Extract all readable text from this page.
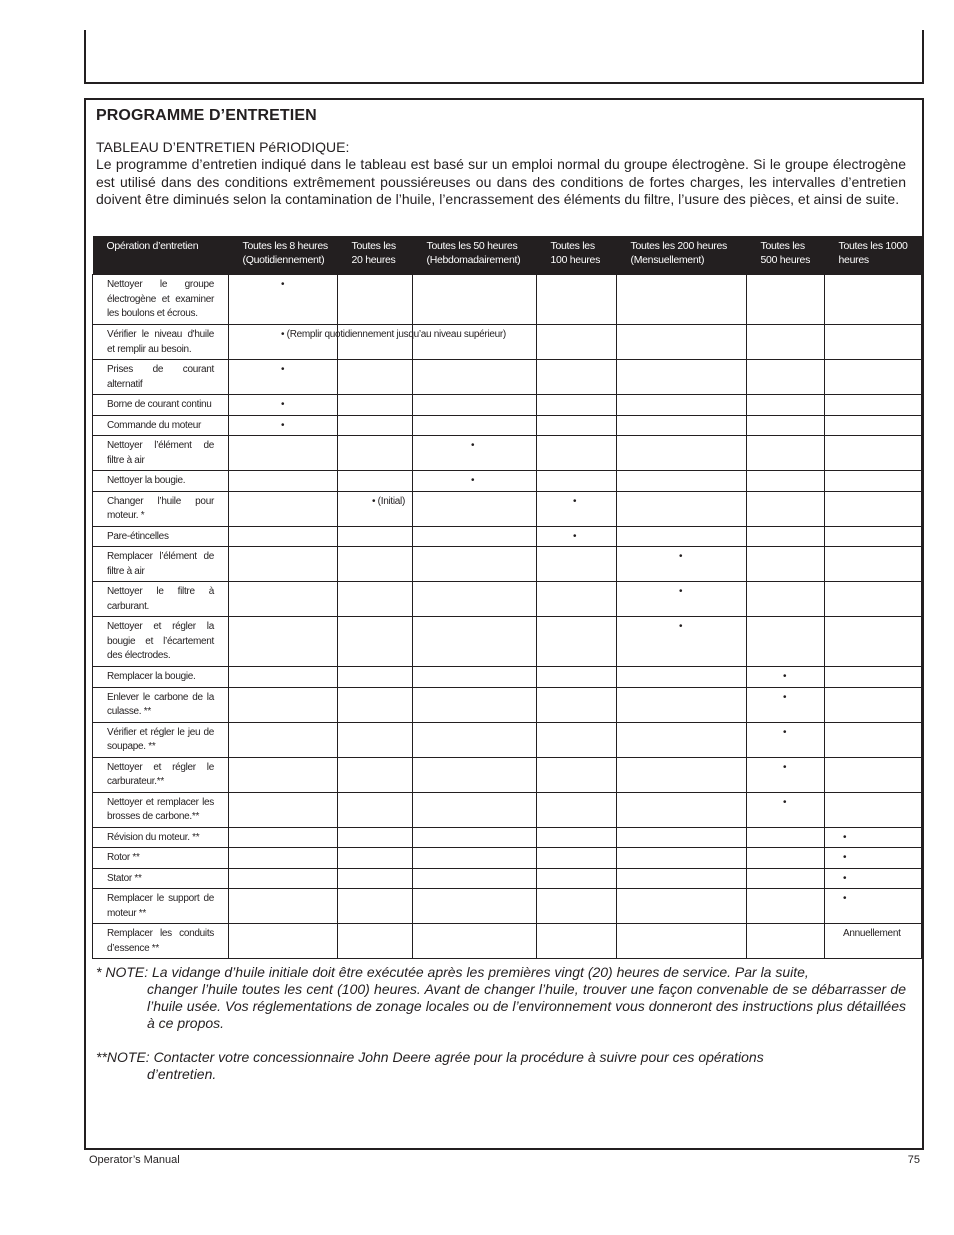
PROGRAMME D’ENTRETIEN
TABLEAU D’ENTRETIEN PéRIODIQUE:
Le programme d’entretien indiqué dans le tableau est basé sur un emploi normal du groupe électrogène. Si le groupe électrogène est utilisé dans des conditions extrêmement poussiéreuses ou dans des conditions de fortes charges, les intervalles d’entretien doivent être diminués selon la contamination de l’huile, l’encrassement des éléments du filtre, l’usure des pièces, et ainsi de suite.
Opération d’entretien	Toutes les 8 heures (Quotidiennement)	Toutes les 20 heures	Toutes les 50 heures (Hebdomadairement)	Toutes les 100 heures	Toutes les 200 heures (Mensuellement)	Toutes les 500 heures	Toutes les 1000 heures
Nettoyer le groupe électrogène et examiner les boulons et écrous.	•						

Vérifier le niveau d'huile et remplir au besoin.	• (Remplir quotidiennement jusqu’au niveau supérieur)						

Prises de courant alternatif	•						

Borne de courant continu	•						

Commande du moteur	•						

Nettoyer l’élément de filtre à air			•				

Nettoyer la bougie.			•				

Changer l’huile pour moteur. *		• (Initial)		•			

Pare-étincelles				•			

Remplacer l’élément de filtre à air					•		

Nettoyer le filtre à carburant.					•		

Nettoyer et régler la bougie et l’écartement des électrodes.					•		

Remplacer la bougie.						•	

Enlever le carbone de la culasse. **						•	

Vérifier et régler le jeu de soupape. **						•	

Nettoyer et régler le carburateur.**						•	

Nettoyer et remplacer les brosses de carbone.**						•	

Révision du moteur. **							•

Rotor **							•

Stator **							•

Remplacer le support de moteur **							•

Remplacer les conduits d’essence **							Annuellement
* NOTE: La vidange d’huile initiale doit être exécutée après les premières vingt (20) heures de service. Par la suite,
changer l’huile toutes les cent (100) heures. Avant de changer l’huile, trouver une façon convenable de se débarrasser de l’huile usée. Vos réglementations de zonage locales ou de l’environnement vous donneront des instructions plus détaillées à ce propos.
**NOTE: Contacter votre concessionnaire John Deere agrée pour la procédure à suivre pour ces opérations
d’entretien.
Operator’s Manual	75
